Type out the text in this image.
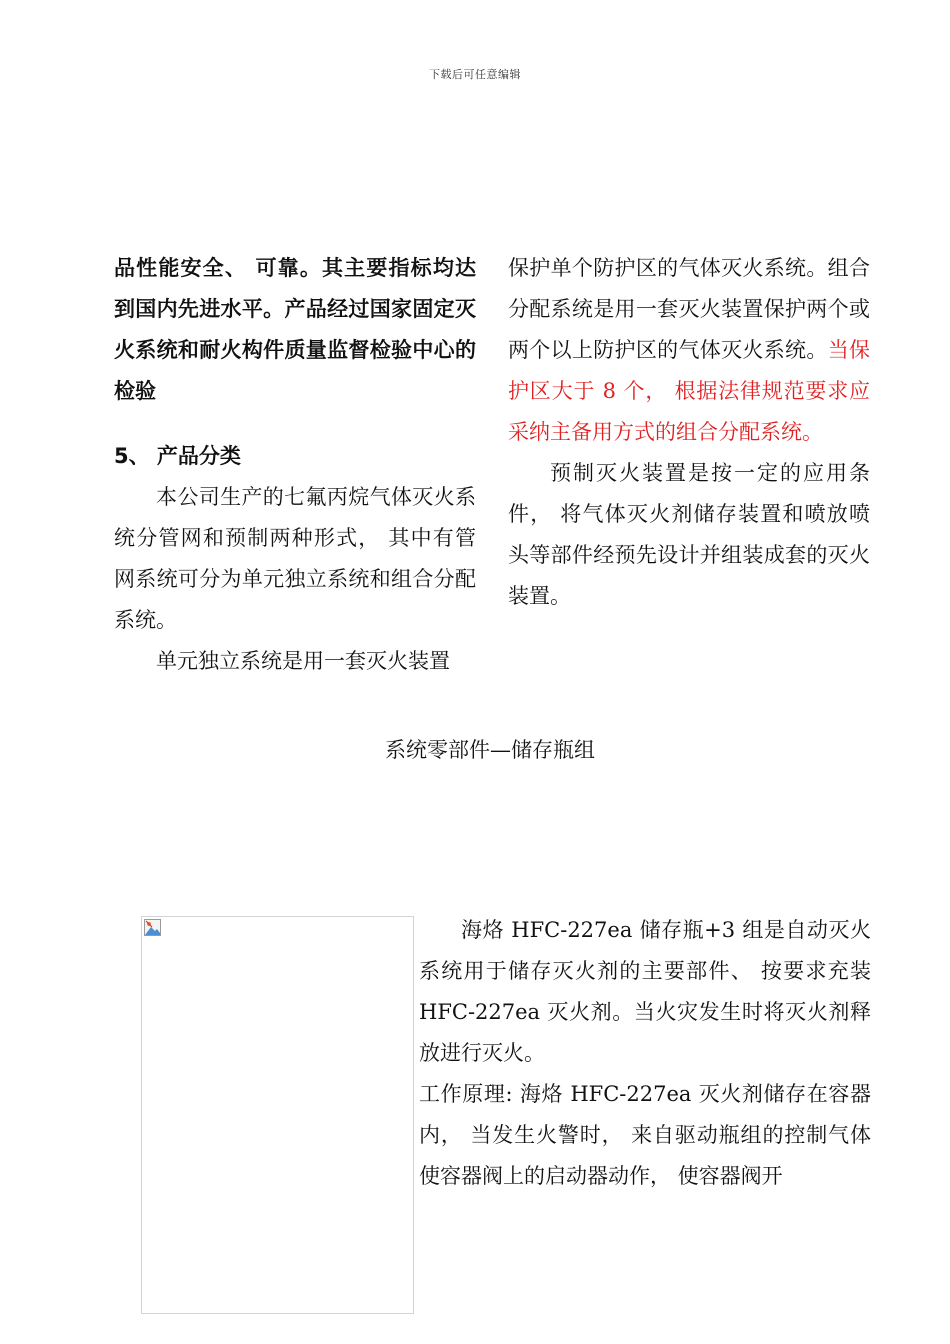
下载后可任意编辑

品性能安全、 可靠。其主要指标均达到国内先进水平。产品经过国家固定灭火系统和耐火构件质量监督检验中心的检验

5、 产品分类

本公司生产的七氟丙烷气体灭火系统分管网和预制两种形式， 其中有管网系统可分为单元独立系统和组合分配系统。

单元独立系统是用一套灭火装置

保护单个防护区的气体灭火系统。组合分配系统是用一套灭火装置保护两个或两个以上防护区的气体灭火系统。当保护区大于 8 个， 根据法律规范要求应采纳主备用方式的组合分配系统。

预制灭火装置是按一定的应用条件， 将气体灭火剂储存装置和喷放喷头等部件经预先设计并组装成套的灭火装置。

系统零部件—储存瓶组

海烙 HFC-227ea 储存瓶+3 组是自动灭火系统用于储存灭火剂的主要部件、 按要求充装 HFC-227ea 灭火剂。当火灾发生时将灭火剂释放进行灭火。

工作原理: 海烙 HFC-227ea 灭火剂储存在容器内， 当发生火警时， 来自驱动瓶组的控制气体使容器阀上的启动器动作， 使容器阀开
